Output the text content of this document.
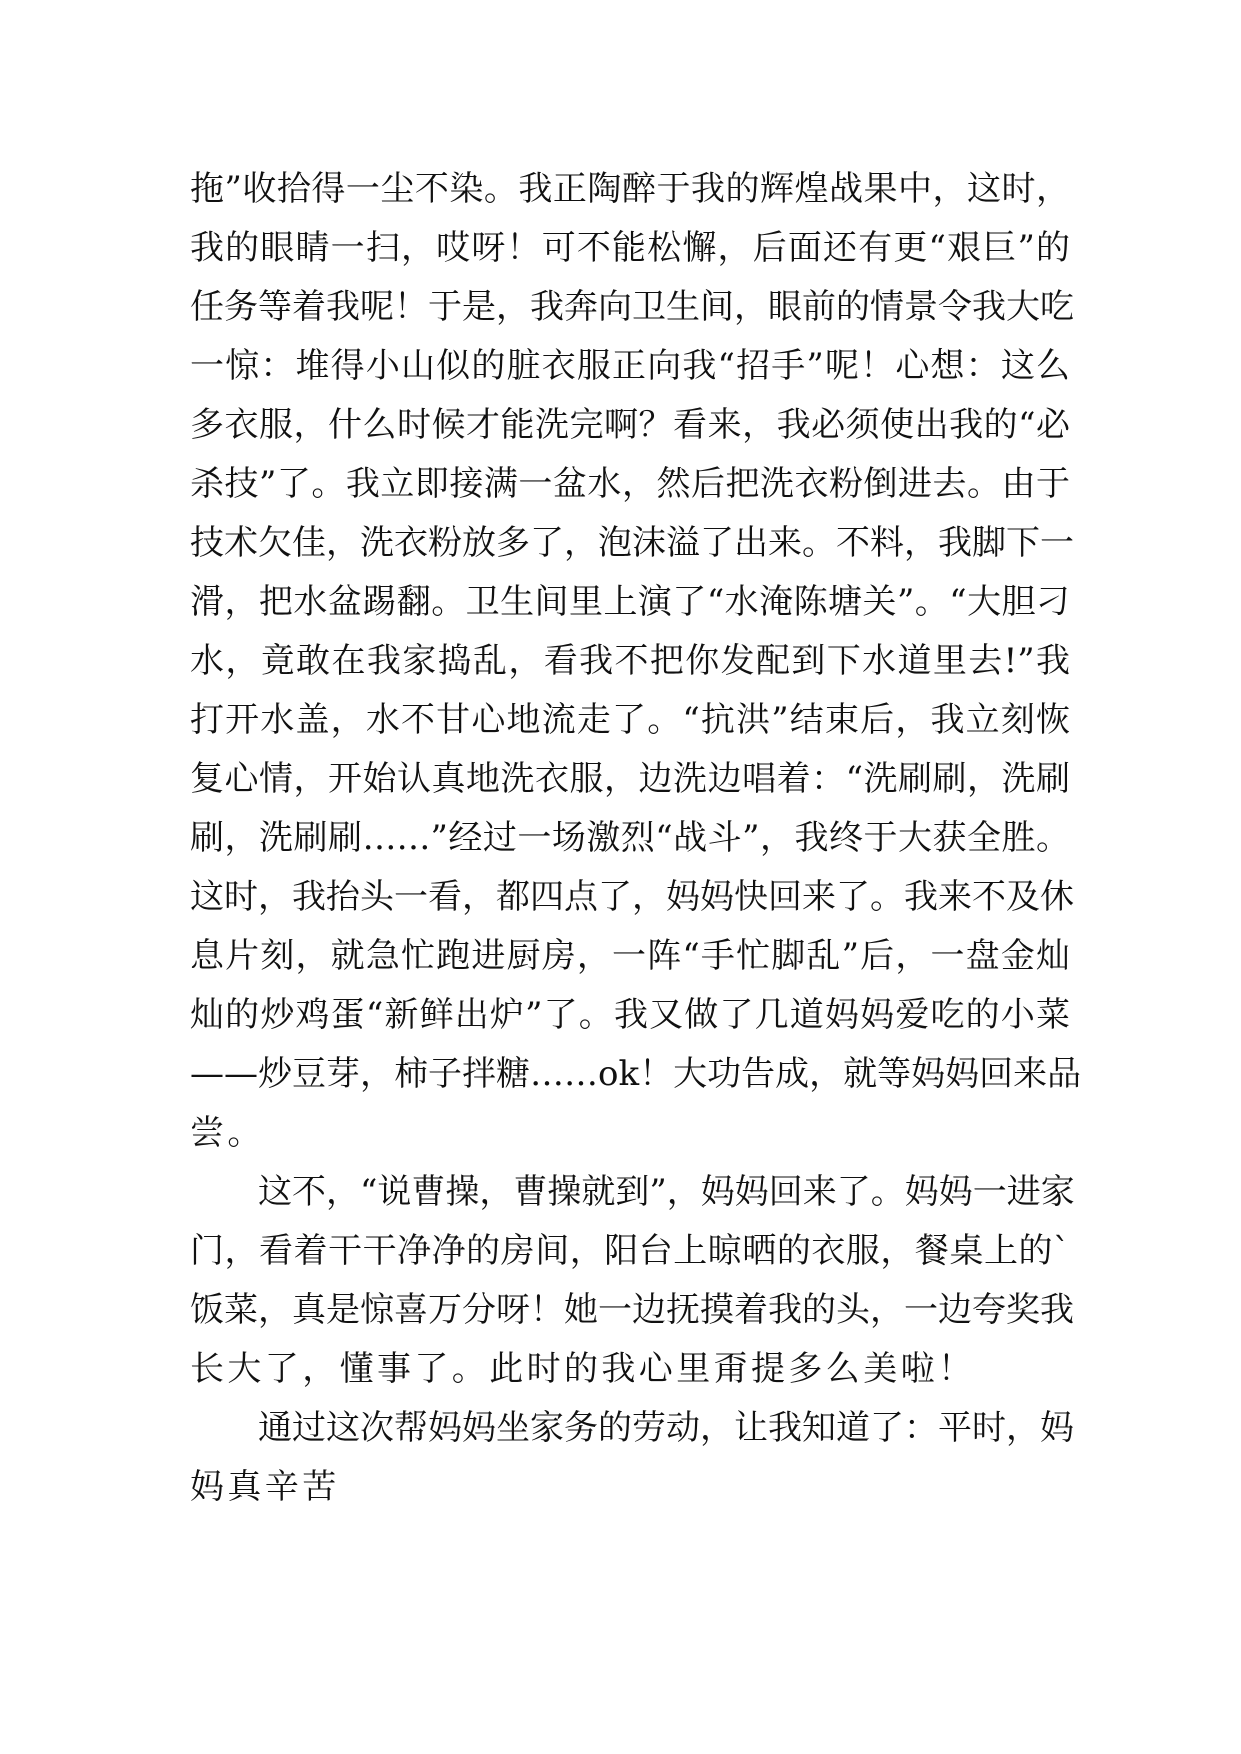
拖”收拾得一尘不染。我正陶醉于我的辉煌战果中，这时，
我的眼睛一扫，哎呀！可不能松懈，后面还有更“艰巨”的
任务等着我呢！于是，我奔向卫生间，眼前的情景令我大吃
一惊：堆得小山似的脏衣服正向我“招手”呢！心想：这么
多衣服，什么时候才能洗完啊？看来，我必须使出我的“必
杀技”了。我立即接满一盆水，然后把洗衣粉倒进去。由于
技术欠佳，洗衣粉放多了，泡沫溢了出来。不料，我脚下一
滑，把水盆踢翻。卫生间里上演了“水淹陈塘关”。“大胆刁
水，竟敢在我家捣乱，看我不把你发配到下水道里去!”我
打开水盖，水不甘心地流走了。“抗洪”结束后，我立刻恢
复心情，开始认真地洗衣服，边洗边唱着：“洗刷刷，洗刷
刷，洗刷刷……”经过一场激烈“战斗”，我终于大获全胜。
这时，我抬头一看，都四点了，妈妈快回来了。我来不及休
息片刻，就急忙跑进厨房，一阵“手忙脚乱”后，一盘金灿
灿的炒鸡蛋“新鲜出炉”了。我又做了几道妈妈爱吃的小菜
——炒豆芽，柿子拌糖……ok！大功告成，就等妈妈回来品
尝。
　　这不，“说曹操，曹操就到”，妈妈回来了。妈妈一进家
门，看着干干净净的房间，阳台上晾晒的衣服，餐桌上的`
饭菜，真是惊喜万分呀！她一边抚摸着我的头，一边夸奖我
长大了，懂事了。此时的我心里甭提多么美啦！
　　通过这次帮妈妈坐家务的劳动，让我知道了：平时，妈
妈真辛苦
